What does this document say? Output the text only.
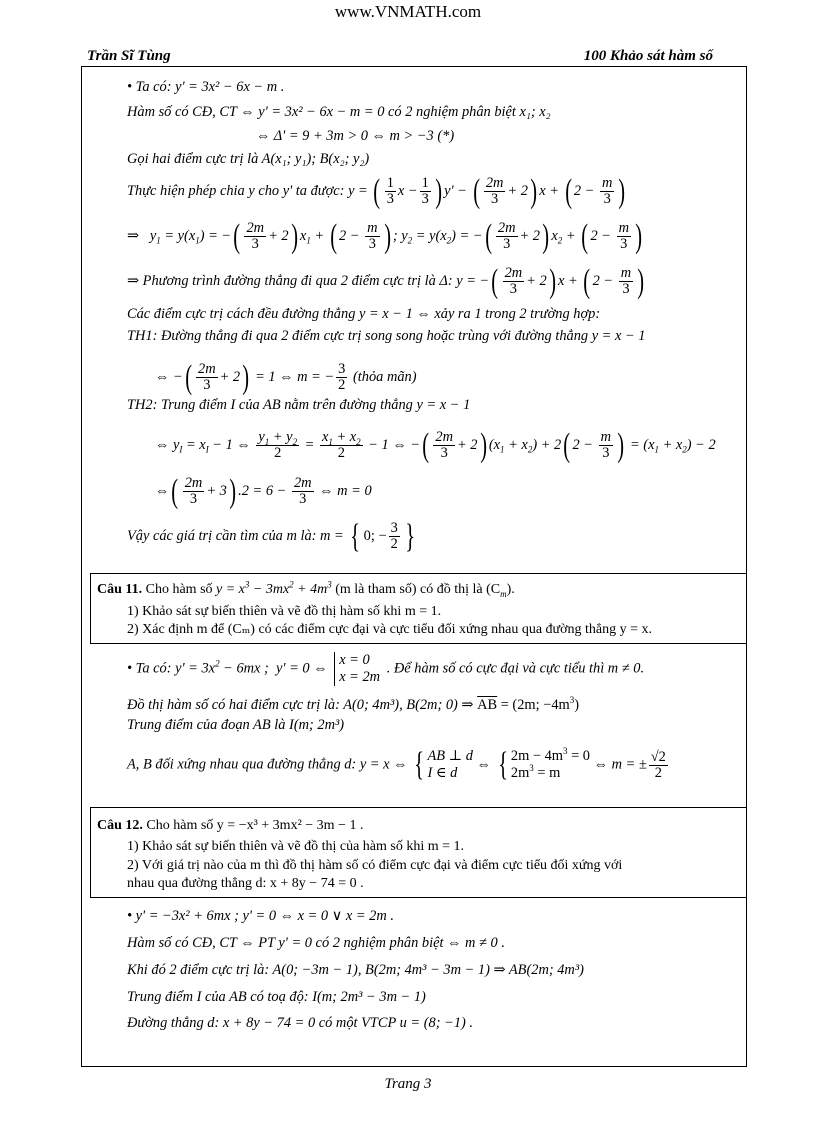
www.VNMATH.com
Trần Sĩ Tùng	100 Khảo sát hàm số
• Ta có: y' = 3x² − 6x − m .
Hàm số có CĐ, CT ⇔ y' = 3x² − 6x − m = 0 có 2 nghiệm phân biệt x₁; x₂
⇔ Δ' = 9 + 3m > 0 ⇔ m > −3 (*)
Gọi hai điểm cực trị là A(x₁; y₁); B(x₂; y₂)
Thực hiện phép chia y cho y' ta được: y = ( $\frac{1}{3}$ $x - \frac{1}{3}$ ) y' − ( $\frac{2m}{3} + 2$) x + ( $2 - \frac{m}{3}$ )
⇒   $y_1 = y(x_1)$ = −( $\frac{2m}{3} + 2$) $x_1$ + ( $2 - \frac{m}{3}$ ) ; $y_2 = y(x_2)$ = −( $\frac{2m}{3} + 2$) $x_2$ + ( $2 - \frac{m}{3}$ )
⇒ Phương trình đường thẳng đi qua 2 điểm cực trị là Δ: y = −( $\frac{2m}{3} + 2$) x + ( $2 - \frac{m}{3}$ )
Các điểm cực trị cách đều đường thẳng y = x − 1 ⇔ xảy ra 1 trong 2 trường hợp:
TH1: Đường thẳng đi qua 2 điểm cực trị song song hoặc trùng với đường thẳng y = x − 1
⇔ −( $\frac{2m}{3} + 2) = 1$ ⇔ m = − $\frac{3}{2}$ (thỏa mãn)
TH2: Trung điểm I của AB nằm trên đường thẳng y = x − 1
⇔ $y_I = x_I - 1$ ⇔ $\frac{y_1 + y_2}{2} = \frac{x_1 + x_2}{2} - 1$ ⇔ −( $\frac{2m}{3} + 2$) $(x_1 + x_2) + 2$( $2 - \frac{m}{3}$ ) = $(x_1 + x_2) - 2$
⇔( $\frac{2m}{3} + 3$) $.2 = 6 - \frac{2m}{3}$ ⇔ m = 0
Vậy các giá trị cần tìm của m là: m = { 0; − $\frac{3}{2}$ }
Câu 11. Cho hàm số $y = x^3 - 3mx^2 + 4m^3$ (m là tham số) có đồ thị là $(C_m)$.
1) Khảo sát sự biến thiên và vẽ đồ thị hàm số khi m = 1.
2) Xác định m để (Cₘ) có các điểm cực đại và cực tiểu đối xứng nhau qua đường thẳng y = x.
• Ta có: $y' = 3x^2 - 6mx$ ;  y' = 0 ⇔ x = 0
x = 2m . Để hàm số có cực đại và cực tiểu thì m ≠ 0.
Đồ thị hàm số có hai điểm cực trị là: A(0; 4m³), B(2m; 0) ⇒ $\overline{AB} = (2m$; $-4m^3$)
Trung điểm của đoạn AB là I(m; 2m³)
A, B đối xứng nhau qua đường thẳng d: y = x ⇔ { AB ⊥ d
I ∈ d ⇔ { $2m - 4m^3 = 0$
$2m^3 = m$ ⇔ m = ± $\frac{√2}{2}$
Câu 12. Cho hàm số y = −x³ + 3mx² − 3m − 1 .
1) Khảo sát sự biến thiên và vẽ đồ thị của hàm số khi m = 1.
2) Với giá trị nào của m thì đồ thị hàm số có điểm cực đại và điểm cực tiểu đối xứng với
nhau qua đường thẳng d: x + 8y − 74 = 0 .
• y' = −3x² + 6mx ; y' = 0 ⇔ x = 0 ∨ x = 2m .
Hàm số có CĐ, CT ⇔ PT y' = 0 có 2 nghiệm phân biệt ⇔ m ≠ 0 .
Khi đó 2 điểm cực trị là: A(0; −3m − 1), B(2m; 4m³ − 3m − 1) ⇒ AB(2m; 4m³)
Trung điểm I của AB có toạ độ: I(m; 2m³ − 3m − 1)
Đường thẳng d: x + 8y − 74 = 0 có một VTCP u = (8; −1) .
Trang 3
